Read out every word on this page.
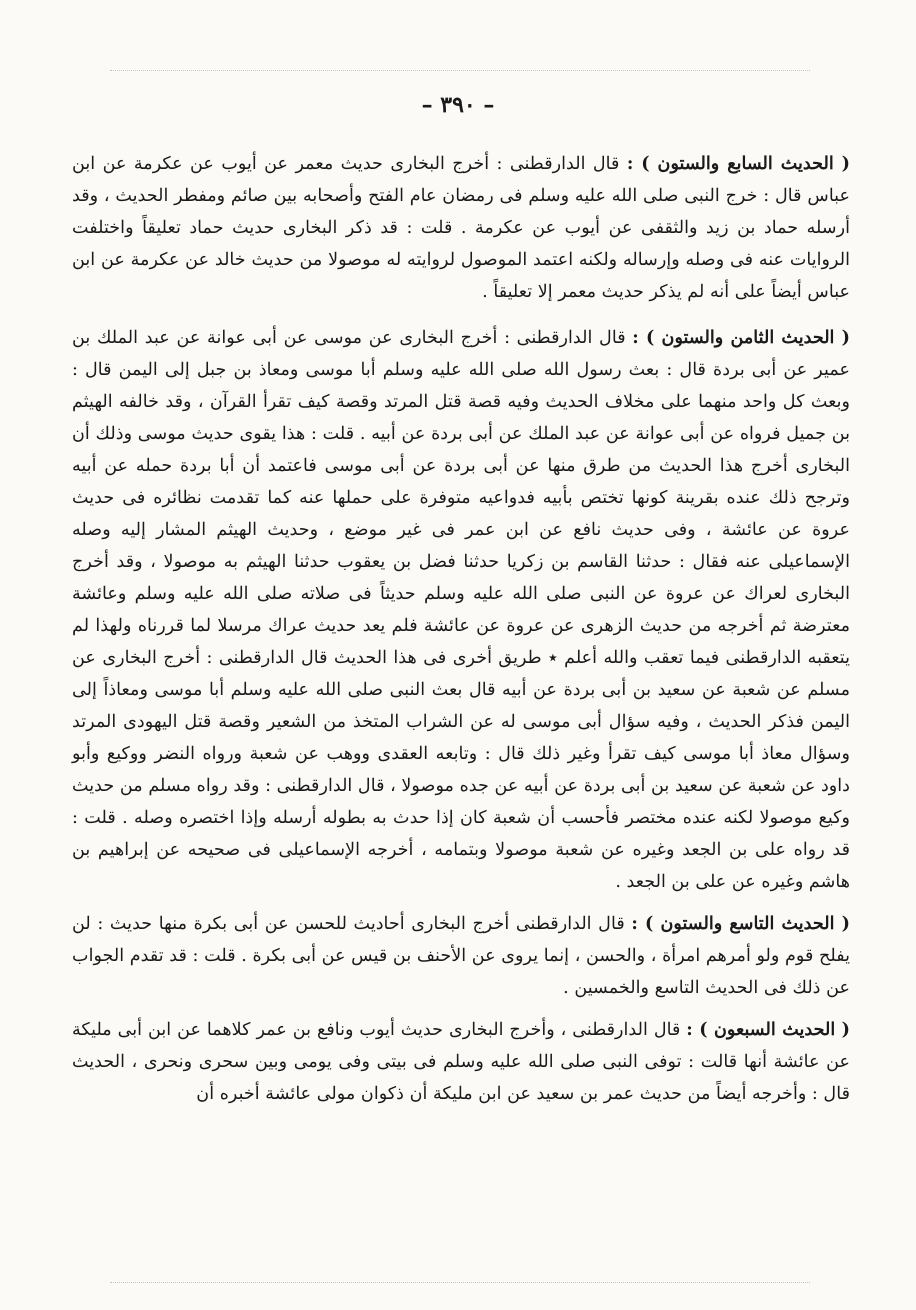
– ٣٩٠ –

( الحديث السابع والستون ) : قال الدارقطنى : أخرج البخارى حديث معمر عن أيوب عن عكرمة عن ابن عباس قال : خرج النبى صلى الله عليه وسلم فى رمضان عام الفتح وأصحابه بين صائم ومفطر الحديث ، وقد أرسله حماد بن زيد والثقفى عن أيوب عن عكرمة . قلت : قد ذكر البخارى حديث حماد تعليقاً واختلفت الروايات عنه فى وصله وإرساله ولكنه اعتمد الموصول لروايته له موصولا من حديث خالد عن عكرمة عن ابن عباس أيضاً على أنه لم يذكر حديث معمر إلا تعليقاً .

( الحديث الثامن والستون ) : قال الدارقطنى : أخرج البخارى عن موسى عن أبى عوانة عن عبد الملك بن عمير عن أبى بردة قال : بعث رسول الله صلى الله عليه وسلم أبا موسى ومعاذ بن جبل إلى اليمن قال : وبعث كل واحد منهما على مخلاف الحديث وفيه قصة قتل المرتد وقصة كيف تقرأ القرآن ، وقد خالفه الهيثم بن جميل فرواه عن أبى عوانة عن عبد الملك عن أبى بردة عن أبيه . قلت : هذا يقوى حديث موسى وذلك أن البخارى أخرج هذا الحديث من طرق منها عن أبى بردة عن أبى موسى فاعتمد أن أبا بردة حمله عن أبيه وترجح ذلك عنده بقرينة كونها تختص بأبيه فدواعيه متوفرة على حملها عنه كما تقدمت نظائره فى حديث عروة عن عائشة ، وفى حديث نافع عن ابن عمر فى غير موضع ، وحديث الهيثم المشار إليه وصله الإسماعيلى عنه فقال : حدثنا القاسم بن زكريا حدثنا فضل بن يعقوب حدثنا الهيثم به موصولا ، وقد أخرج البخارى لعراك عن عروة عن النبى صلى الله عليه وسلم حديثاً فى صلاته صلى الله عليه وسلم وعائشة معترضة ثم أخرجه من حديث الزهرى عن عروة عن عائشة فلم يعد حديث عراك مرسلا لما قررناه ولهذا لم يتعقبه الدارقطنى فيما تعقب والله أعلم ٭ طريق أخرى فى هذا الحديث قال الدارقطنى : أخرج البخارى عن مسلم عن شعبة عن سعيد بن أبى بردة عن أبيه قال بعث النبى صلى الله عليه وسلم أبا موسى ومعاذاً إلى اليمن فذكر الحديث ، وفيه سؤال أبى موسى له عن الشراب المتخذ من الشعير وقصة قتل اليهودى المرتد وسؤال معاذ أبا موسى كيف تقرأ وغير ذلك قال : وتابعه العقدى ووهب عن شعبة ورواه النضر ووكيع وأبو داود عن شعبة عن سعيد بن أبى بردة عن أبيه عن جده موصولا ، قال الدارقطنى : وقد رواه مسلم من حديث وكيع موصولا لكنه عنده مختصر فأحسب أن شعبة كان إذا حدث به بطوله أرسله وإذا اختصره وصله . قلت : قد رواه على بن الجعد وغيره عن شعبة موصولا وبتمامه ، أخرجه الإسماعيلى فى صحيحه عن إبراهيم بن هاشم وغيره عن على بن الجعد .

( الحديث التاسع والستون ) : قال الدارقطنى أخرج البخارى أحاديث للحسن عن أبى بكرة منها حديث : لن يفلح قوم ولو أمرهم امرأة ، والحسن ، إنما يروى عن الأحنف بن قيس عن أبى بكرة . قلت : قد تقدم الجواب عن ذلك فى الحديث التاسع والخمسين .

( الحديث السبعون ) : قال الدارقطنى ، وأخرج البخارى حديث أيوب ونافع بن عمر كلاهما عن ابن أبى مليكة عن عائشة أنها قالت : توفى النبى صلى الله عليه وسلم فى بيتى وفى يومى وبين سحرى ونحرى ، الحديث قال : وأخرجه أيضاً من حديث عمر بن سعيد عن ابن مليكة أن ذكوان مولى عائشة أخبره أن
